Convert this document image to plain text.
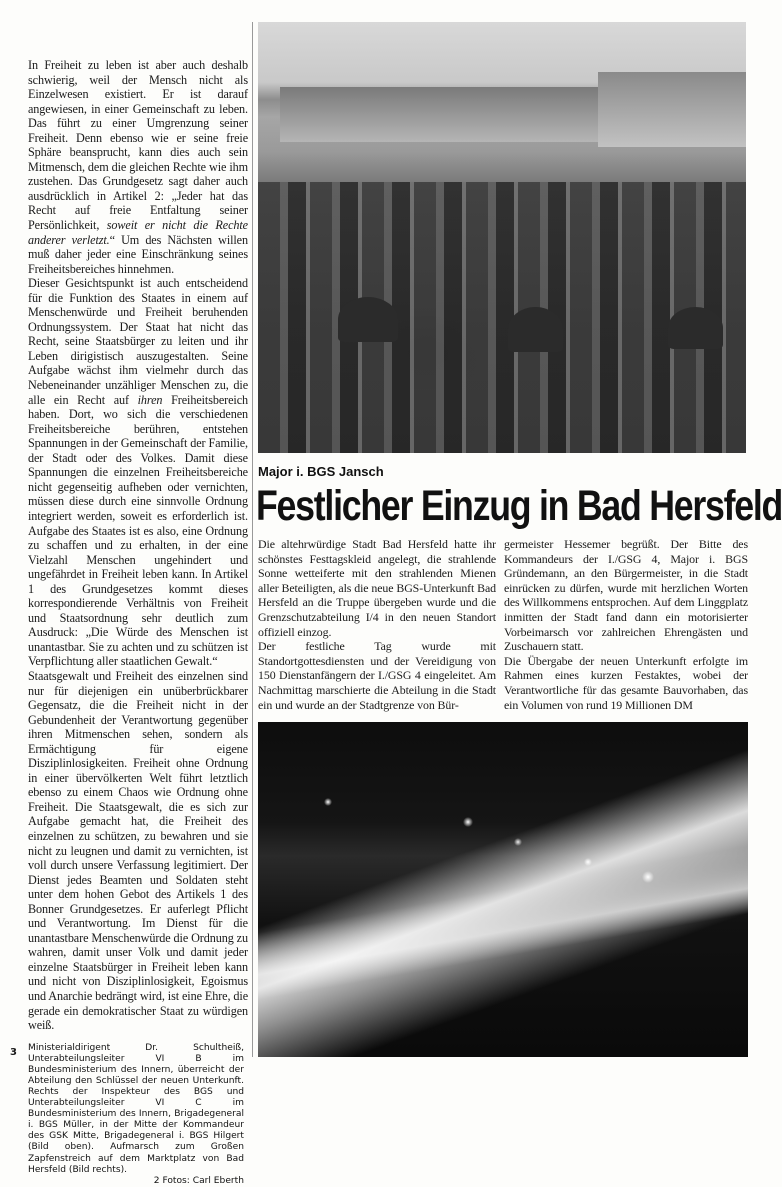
In Freiheit zu leben ist aber auch deshalb schwierig, weil der Mensch nicht als Einzelwesen existiert. Er ist darauf angewiesen, in einer Gemeinschaft zu leben. Das führt zu einer Umgrenzung seiner Freiheit. Denn ebenso wie er seine freie Sphäre beansprucht, kann dies auch sein Mitmensch, dem die gleichen Rechte wie ihm zustehen. Das Grundgesetz sagt daher auch ausdrücklich in Artikel 2: „Jeder hat das Recht auf freie Entfaltung seiner Persönlichkeit, soweit er nicht die Rechte anderer verletzt.“ Um des Nächsten willen muß daher jeder eine Einschränkung seines Freiheitsbereiches hinnehmen.

Dieser Gesichtspunkt ist auch entscheidend für die Funktion des Staates in einem auf Menschenwürde und Freiheit beruhenden Ordnungssystem. Der Staat hat nicht das Recht, seine Staatsbürger zu leiten und ihr Leben dirigistisch auszugestalten. Seine Aufgabe wächst ihm vielmehr durch das Nebeneinander unzähliger Menschen zu, die alle ein Recht auf ihren Freiheitsbereich haben. Dort, wo sich die verschiedenen Freiheitsbereiche berühren, entstehen Spannungen in der Gemeinschaft der Familie, der Stadt oder des Volkes. Damit diese Spannungen die einzelnen Freiheitsbereiche nicht gegenseitig aufheben oder vernichten, müssen diese durch eine sinnvolle Ordnung integriert werden, soweit es erforderlich ist. Aufgabe des Staates ist es also, eine Ordnung zu schaffen und zu erhalten, in der eine Vielzahl Menschen ungehindert und ungefährdet in Freiheit leben kann. In Artikel 1 des Grundgesetzes kommt dieses korrespondierende Verhältnis von Freiheit und Staatsordnung sehr deutlich zum Ausdruck: „Die Würde des Menschen ist unantastbar. Sie zu achten und zu schützen ist Verpflichtung aller staatlichen Gewalt.“

Staatsgewalt und Freiheit des einzelnen sind nur für diejenigen ein unüberbrückbarer Gegensatz, die die Freiheit nicht in der Gebundenheit der Verantwortung gegenüber ihren Mitmenschen sehen, sondern als Ermächtigung für eigene Disziplinlosigkeiten. Freiheit ohne Ordnung in einer übervölkerten Welt führt letztlich ebenso zu einem Chaos wie Ordnung ohne Freiheit. Die Staatsgewalt, die es sich zur Aufgabe gemacht hat, die Freiheit des einzelnen zu schützen, zu bewahren und sie nicht zu leugnen und damit zu vernichten, ist voll durch unsere Verfassung legitimiert. Der Dienst jedes Beamten und Soldaten steht unter dem hohen Gebot des Artikels 1 des Bonner Grundgesetzes. Er auferlegt Pflicht und Verantwortung. Im Dienst für die unantastbare Menschenwürde die Ordnung zu wahren, damit unser Volk und damit jeder einzelne Staatsbürger in Freiheit leben kann und nicht von Disziplinlosigkeit, Egoismus und Anarchie bedrängt wird, ist eine Ehre, die gerade ein demokratischer Staat zu würdigen weiß.

Ministerialdirigent Dr. Schultheiß, Unterabteilungsleiter VI B im Bundesministerium des Innern, überreicht der Abteilung den Schlüssel der neuen Unterkunft. Rechts der Inspekteur des BGS und Unterabteilungsleiter VI C im Bundesministerium des Innern, Brigadegeneral i. BGS Müller, in der Mitte der Kommandeur des GSK Mitte, Brigadegeneral i. BGS Hilgert (Bild oben). Aufmarsch zum Großen Zapfenstreich auf dem Marktplatz von Bad Hersfeld (Bild rechts).
2 Fotos: Carl Eberth
Major i. BGS Jansch
Festlicher Einzug in Bad Hersfeld

Die altehrwürdige Stadt Bad Hersfeld hatte ihr schönstes Festtagskleid angelegt, die strahlende Sonne wetteiferte mit den strahlenden Mienen aller Beteiligten, als die neue BGS-Unterkunft Bad Hersfeld an die Truppe übergeben wurde und die Grenzschutzabteilung I/4 in den neuen Standort offiziell einzog.

Der festliche Tag wurde mit Standortgottesdiensten und der Vereidigung von 150 Dienstanfängern der I./GSG 4 eingeleitet. Am Nachmittag marschierte die Abteilung in die Stadt ein und wurde an der Stadtgrenze von Bür-

germeister Hessemer begrüßt. Der Bitte des Kommandeurs der I./GSG 4, Major i. BGS Gründemann, an den Bürgermeister, in die Stadt einrücken zu dürfen, wurde mit herzlichen Worten des Willkommens entsprochen. Auf dem Linggplatz inmitten der Stadt fand dann ein motorisierter Vorbeimarsch vor zahlreichen Ehrengästen und Zuschauern statt.

Die Übergabe der neuen Unterkunft erfolgte im Rahmen eines kurzen Festaktes, wobei der Verantwortliche für das gesamte Bauvorhaben, das ein Volumen von rund 19 Millionen DM

3
